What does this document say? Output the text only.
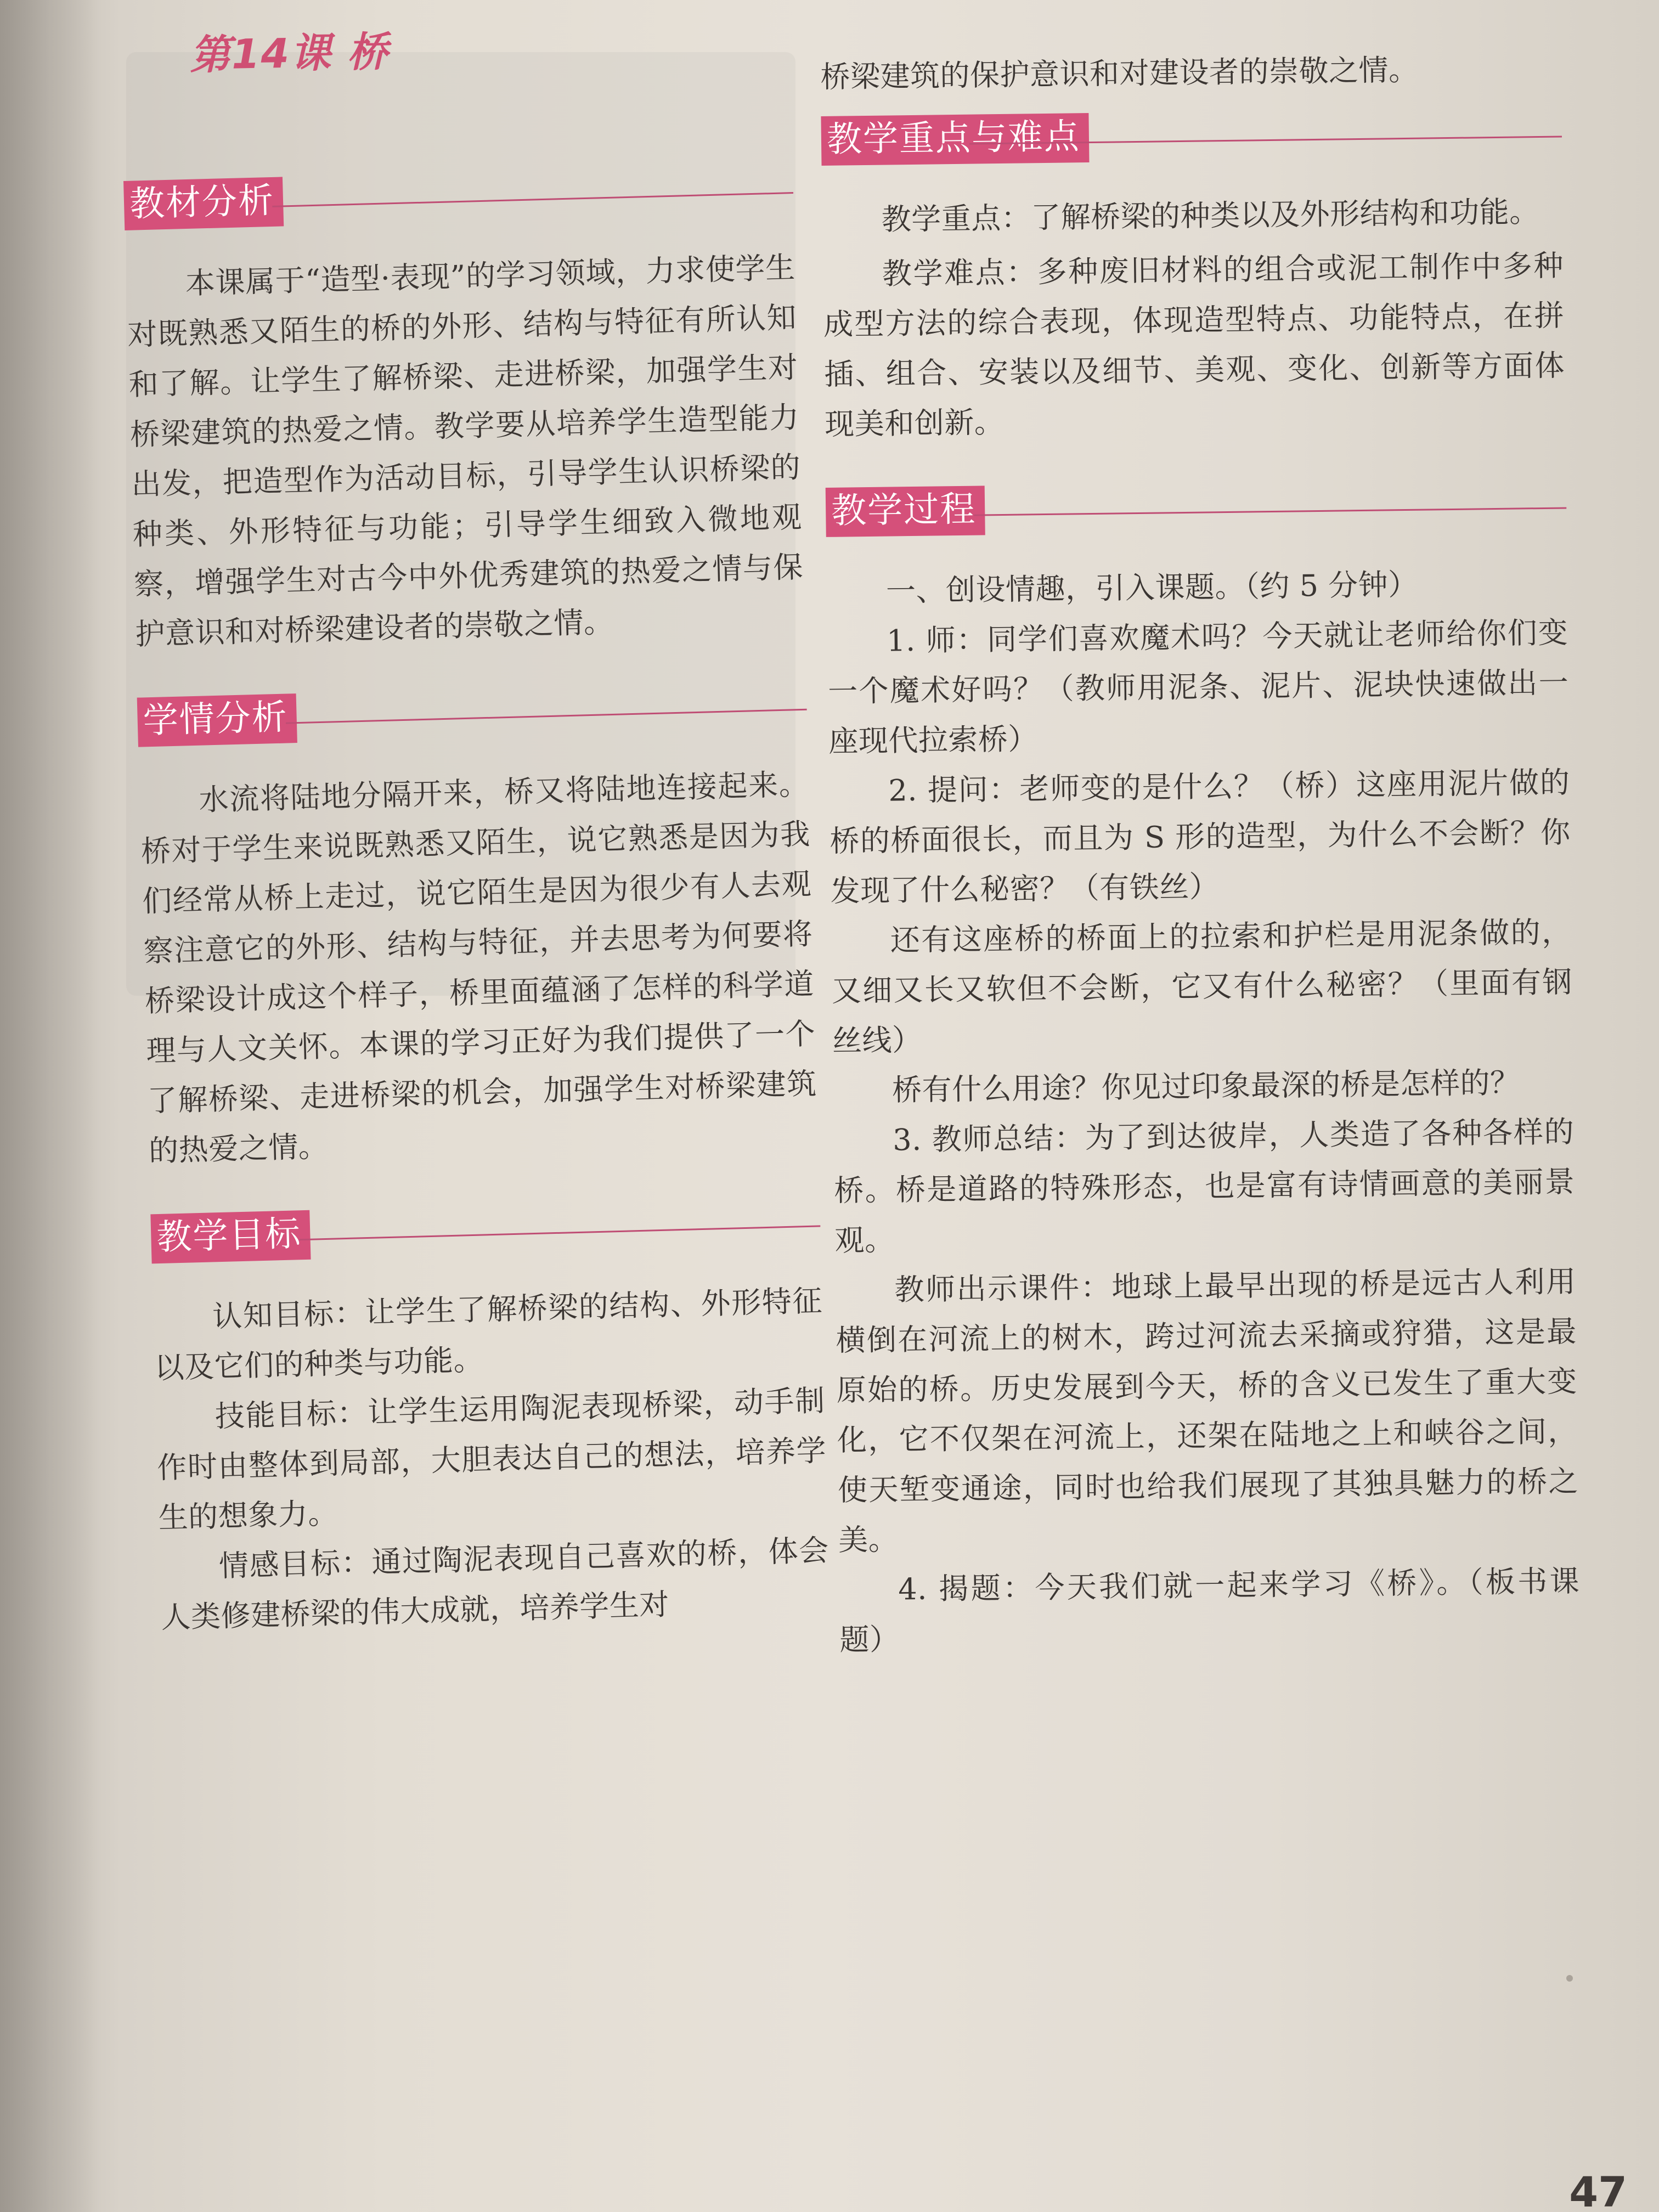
第14课 桥
教材分析

本课属于“造型·表现”的学习领域，力求使学生对既熟悉又陌生的桥的外形、结构与特征有所认知和了解。让学生了解桥梁、走进桥梁，加强学生对桥梁建筑的热爱之情。教学要从培养学生造型能力出发，把造型作为活动目标，引导学生认识桥梁的种类、外形特征与功能；引导学生细致入微地观察，增强学生对古今中外优秀建筑的热爱之情与保护意识和对桥梁建设者的崇敬之情。

学情分析

水流将陆地分隔开来，桥又将陆地连接起来。桥对于学生来说既熟悉又陌生，说它熟悉是因为我们经常从桥上走过，说它陌生是因为很少有人去观察注意它的外形、结构与特征，并去思考为何要将桥梁设计成这个样子，桥里面蕴涵了怎样的科学道理与人文关怀。本课的学习正好为我们提供了一个了解桥梁、走进桥梁的机会，加强学生对桥梁建筑的热爱之情。

教学目标

认知目标：让学生了解桥梁的结构、外形特征以及它们的种类与功能。

技能目标：让学生运用陶泥表现桥梁，动手制作时由整体到局部，大胆表达自己的想法，培养学生的想象力。

情感目标：通过陶泥表现自己喜欢的桥，体会人类修建桥梁的伟大成就，培养学生对

桥梁建筑的保护意识和对建设者的崇敬之情。

教学重点与难点

教学重点：了解桥梁的种类以及外形结构和功能。

教学难点：多种废旧材料的组合或泥工制作中多种成型方法的综合表现，体现造型特点、功能特点，在拼插、组合、安装以及细节、美观、变化、创新等方面体现美和创新。

教学过程

一、创设情趣，引入课题。（约 5 分钟）

1. 师：同学们喜欢魔术吗？今天就让老师给你们变一个魔术好吗？（教师用泥条、泥片、泥块快速做出一座现代拉索桥）

2. 提问：老师变的是什么？（桥）这座用泥片做的桥的桥面很长，而且为 S 形的造型，为什么不会断？你发现了什么秘密？（有铁丝）

还有这座桥的桥面上的拉索和护栏是用泥条做的，又细又长又软但不会断，它又有什么秘密？（里面有钢丝线）

桥有什么用途？你见过印象最深的桥是怎样的？

3. 教师总结：为了到达彼岸，人类造了各种各样的桥。桥是道路的特殊形态，也是富有诗情画意的美丽景观。

教师出示课件：地球上最早出现的桥是远古人利用横倒在河流上的树木，跨过河流去采摘或狩猎，这是最原始的桥。历史发展到今天，桥的含义已发生了重大变化，它不仅架在河流上，还架在陆地之上和峡谷之间，使天堑变通途，同时也给我们展现了其独具魅力的桥之美。

4. 揭题：今天我们就一起来学习《桥》。（板书课题）

47
